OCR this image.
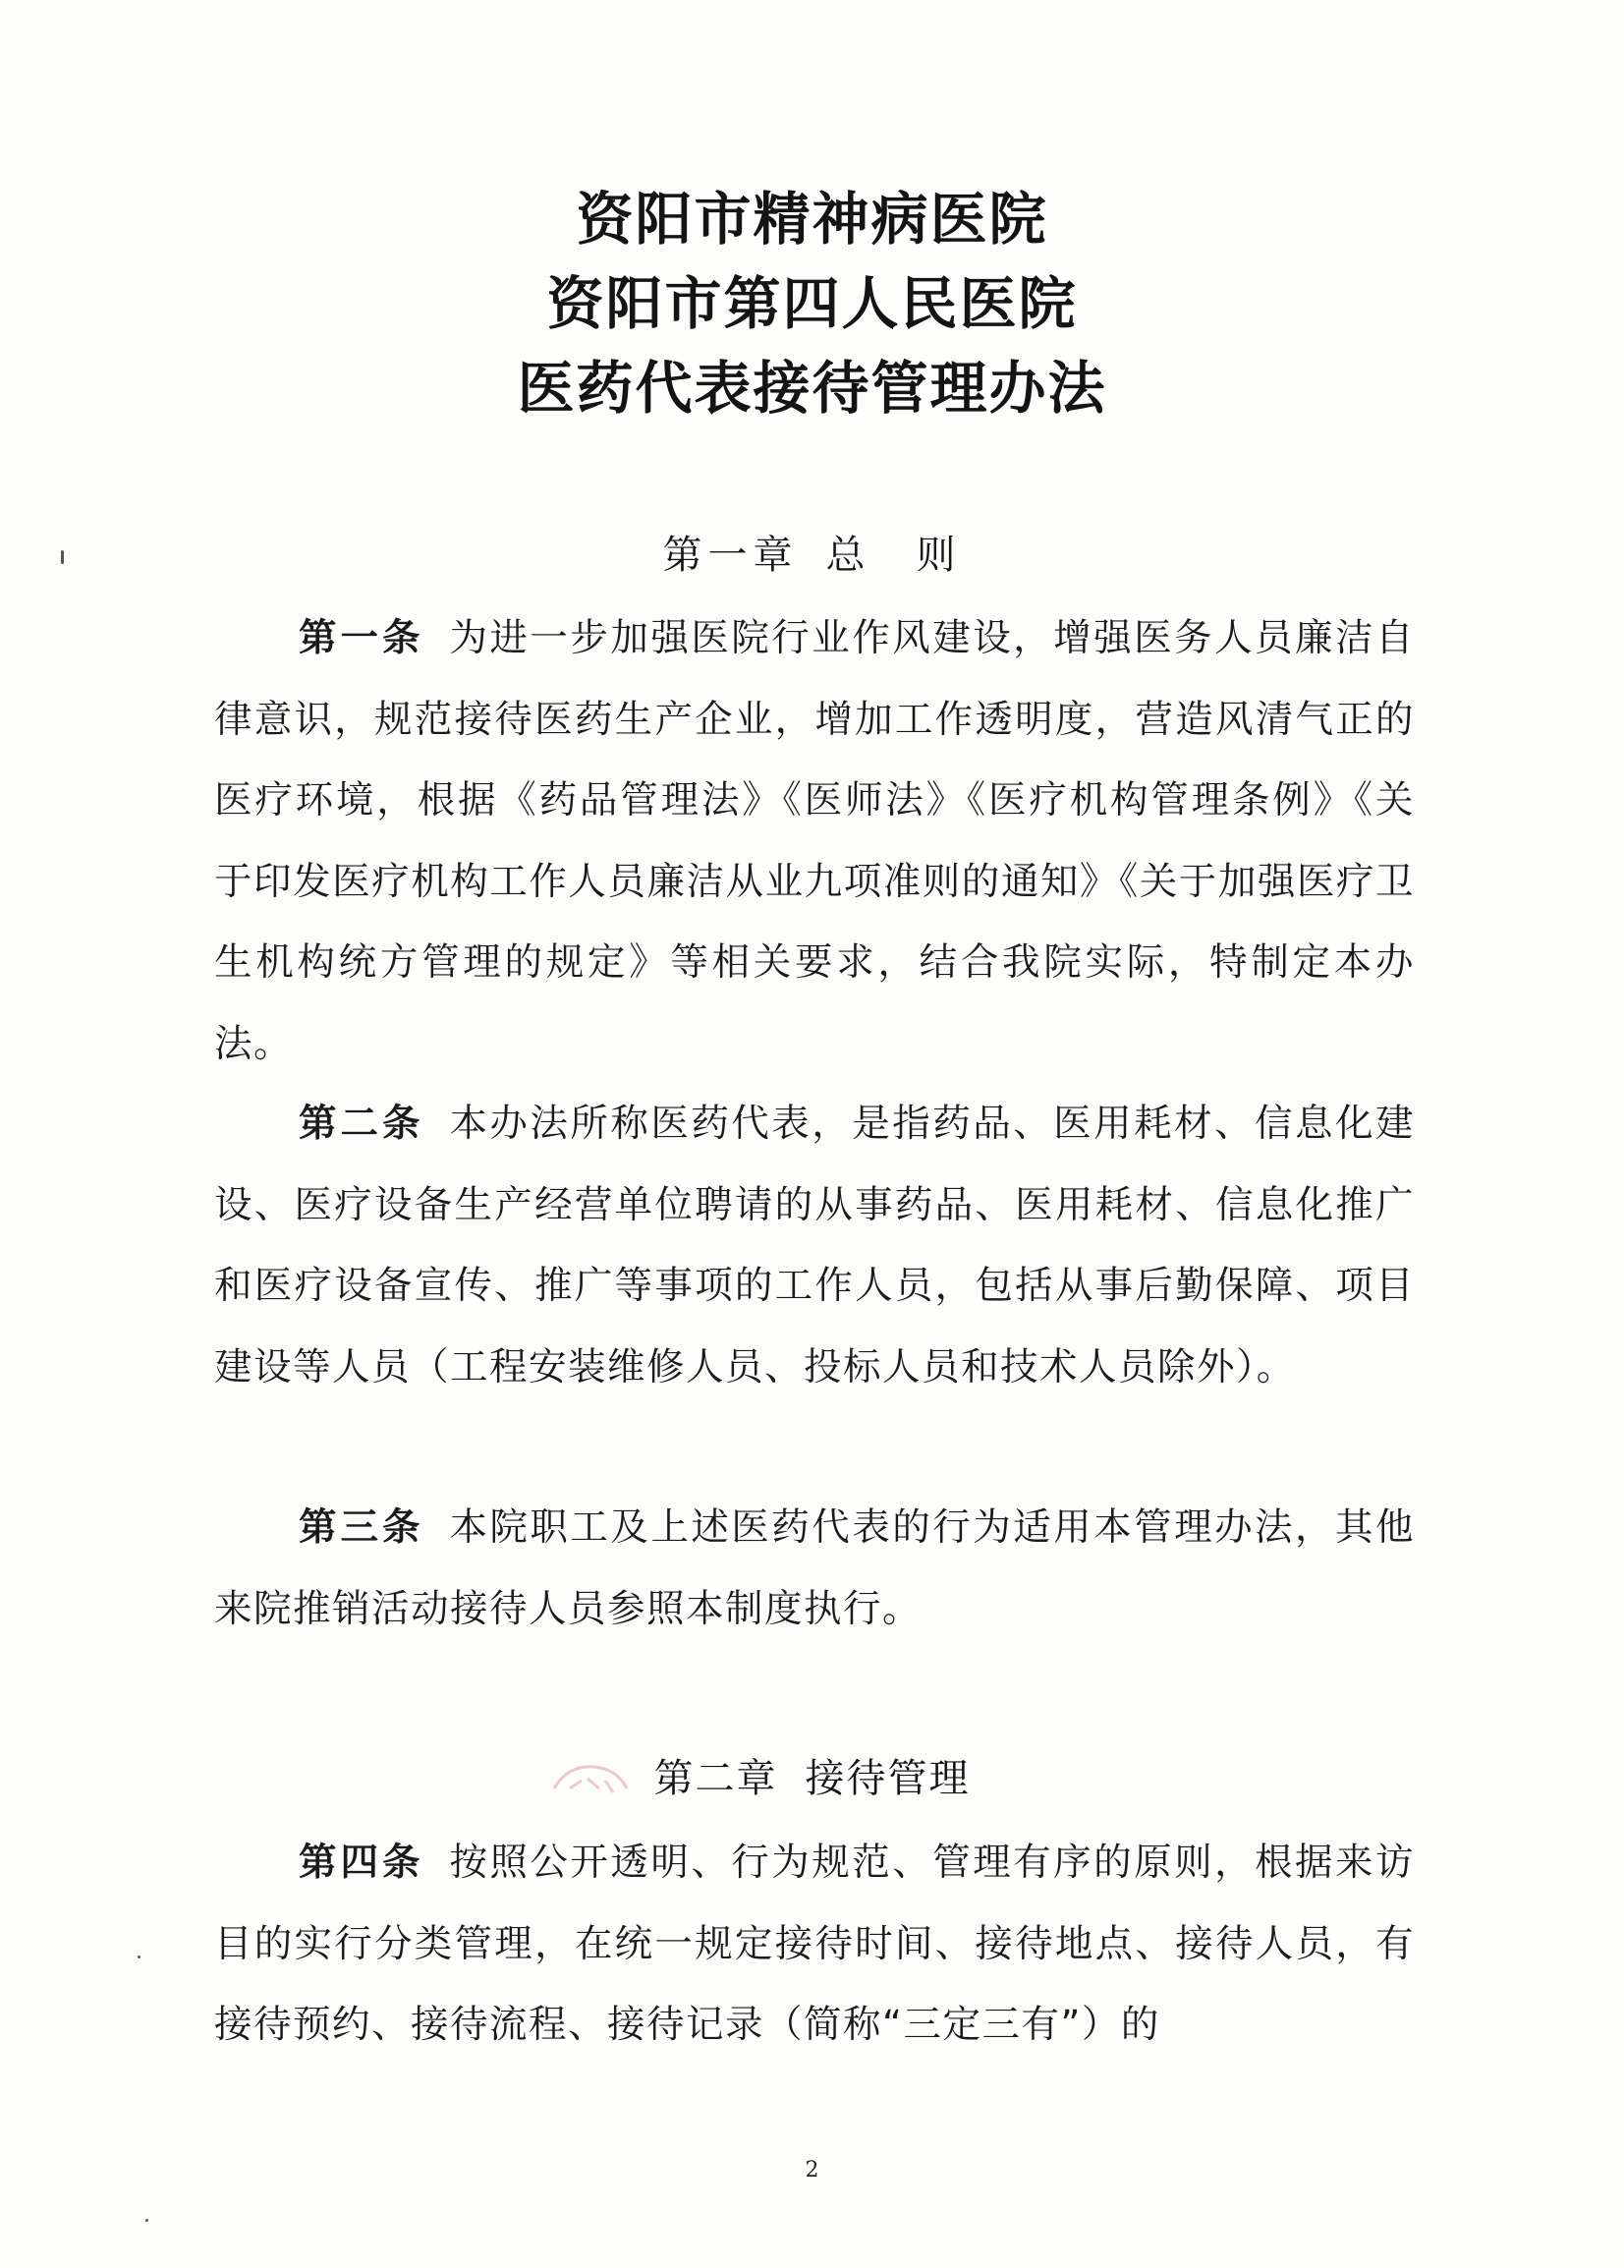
资阳市精神病医院
资阳市第四人民医院
医药代表接待管理办法
第一章 总　则

第一条 为进一步加强医院行业作风建设，增强医务人员廉洁自律意识，规范接待医药生产企业，增加工作透明度，营造风清气正的医疗环境，根据《药品管理法》《医师法》《医疗机构管理条例》《关于印发医疗机构工作人员廉洁从业九项准则的通知》《关于加强医疗卫生机构统方管理的规定》等相关要求，结合我院实际，特制定本办法。

第二条 本办法所称医药代表，是指药品、医用耗材、信息化建设、医疗设备生产经营单位聘请的从事药品、医用耗材、信息化推广和医疗设备宣传、推广等事项的工作人员，包括从事后勤保障、项目建设等人员（工程安装维修人员、投标人员和技术人员除外）。

第三条 本院职工及上述医药代表的行为适用本管理办法，其他来院推销活动接待人员参照本制度执行。

第二章 接待管理

第四条 按照公开透明、行为规范、管理有序的原则，根据来访目的实行分类管理，在统一规定接待时间、接待地点、接待人员，有接待预约、接待流程、接待记录（简称“三定三有”）的

2
